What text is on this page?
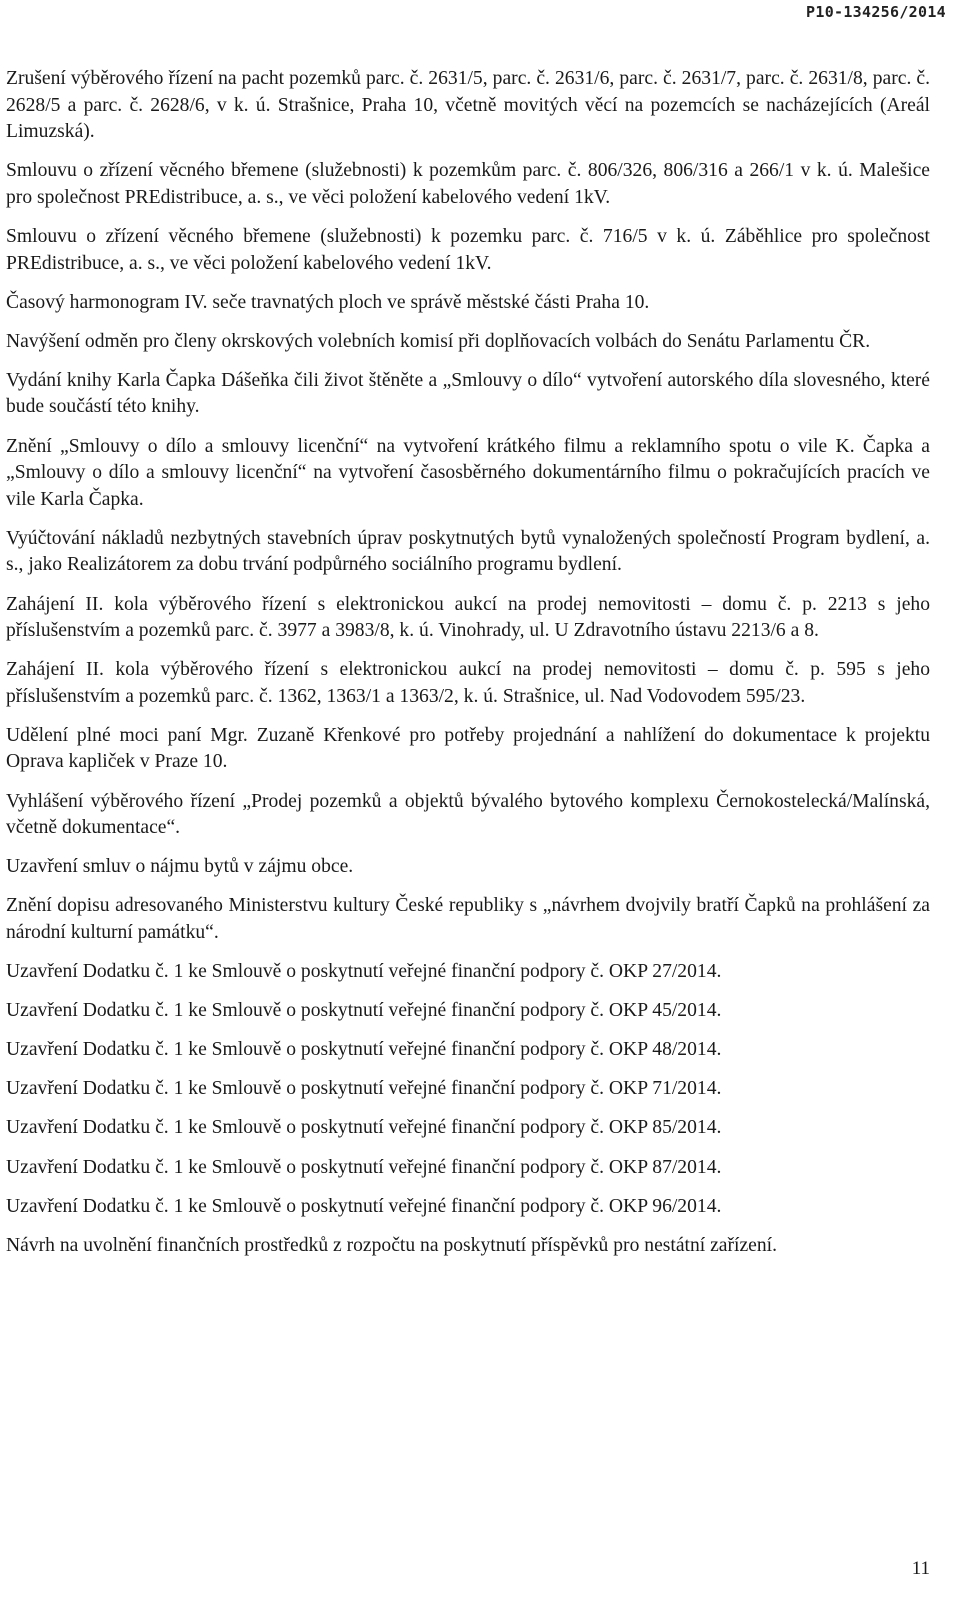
P10-134256/2014
Zrušení výběrového řízení na pacht pozemků parc. č. 2631/5, parc. č. 2631/6, parc. č. 2631/7, parc. č. 2631/8, parc. č. 2628/5 a parc. č. 2628/6, v k. ú. Strašnice, Praha 10, včetně movitých věcí na pozemcích se nacházejících (Areál Limuzská).
Smlouvu o zřízení věcného břemene (služebnosti) k pozemkům parc. č. 806/326, 806/316 a 266/1 v k. ú. Malešice pro společnost PREdistribuce, a. s., ve věci položení kabelového vedení 1kV.
Smlouvu o zřízení věcného břemene (služebnosti) k pozemku parc. č. 716/5 v k. ú. Záběhlice pro společnost PREdistribuce, a. s., ve věci položení kabelového vedení 1kV.
Časový harmonogram IV. seče travnatých ploch ve správě městské části Praha 10.
Navýšení odměn pro členy okrskových volebních komisí při doplňovacích volbách do Senátu Parlamentu ČR.
Vydání knihy Karla Čapka Dášeňka čili život štěněte a „Smlouvy o dílo“ vytvoření autorského díla slovesného, které bude součástí této knihy.
Znění „Smlouvy o dílo a smlouvy licenční“ na vytvoření krátkého filmu a reklamního spotu o vile K. Čapka a „Smlouvy o dílo a smlouvy licenční“ na vytvoření časosběrného dokumentárního filmu o pokračujících pracích ve vile Karla Čapka.
Vyúčtování nákladů nezbytných stavebních úprav poskytnutých bytů vynaložených společností Program bydlení, a. s., jako Realizátorem za dobu trvání podpůrného sociálního programu bydlení.
Zahájení II. kola výběrového řízení s elektronickou aukcí na prodej nemovitosti – domu č. p. 2213 s jeho příslušenstvím a pozemků parc. č. 3977 a 3983/8, k. ú. Vinohrady, ul. U Zdravotního ústavu 2213/6 a 8.
Zahájení II. kola výběrového řízení s elektronickou aukcí na prodej nemovitosti – domu č. p. 595 s jeho příslušenstvím a pozemků parc. č. 1362, 1363/1 a 1363/2, k. ú. Strašnice, ul. Nad Vodovodem 595/23.
Udělení plné moci paní Mgr. Zuzaně Křenkové pro potřeby projednání a nahlížení do dokumentace k projektu Oprava kapliček v Praze 10.
Vyhlášení výběrového řízení „Prodej pozemků a objektů bývalého bytového komplexu Černokostelecká/Malínská, včetně dokumentace“.
Uzavření smluv o nájmu bytů v zájmu obce.
Znění dopisu adresovaného Ministerstvu kultury České republiky s „návrhem dvojvily bratří Čapků na prohlášení za národní kulturní památku“.
Uzavření Dodatku č. 1 ke Smlouvě o poskytnutí veřejné finanční podpory č. OKP 27/2014.
Uzavření Dodatku č. 1 ke Smlouvě o poskytnutí veřejné finanční podpory č. OKP 45/2014.
Uzavření Dodatku č. 1 ke Smlouvě o poskytnutí veřejné finanční podpory č. OKP 48/2014.
Uzavření Dodatku č. 1 ke Smlouvě o poskytnutí veřejné finanční podpory č. OKP 71/2014.
Uzavření Dodatku č. 1 ke Smlouvě o poskytnutí veřejné finanční podpory č. OKP 85/2014.
Uzavření Dodatku č. 1 ke Smlouvě o poskytnutí veřejné finanční podpory č. OKP 87/2014.
Uzavření Dodatku č. 1 ke Smlouvě o poskytnutí veřejné finanční podpory č. OKP 96/2014.
Návrh na uvolnění finančních prostředků z rozpočtu na poskytnutí příspěvků pro nestátní zařízení.
11
